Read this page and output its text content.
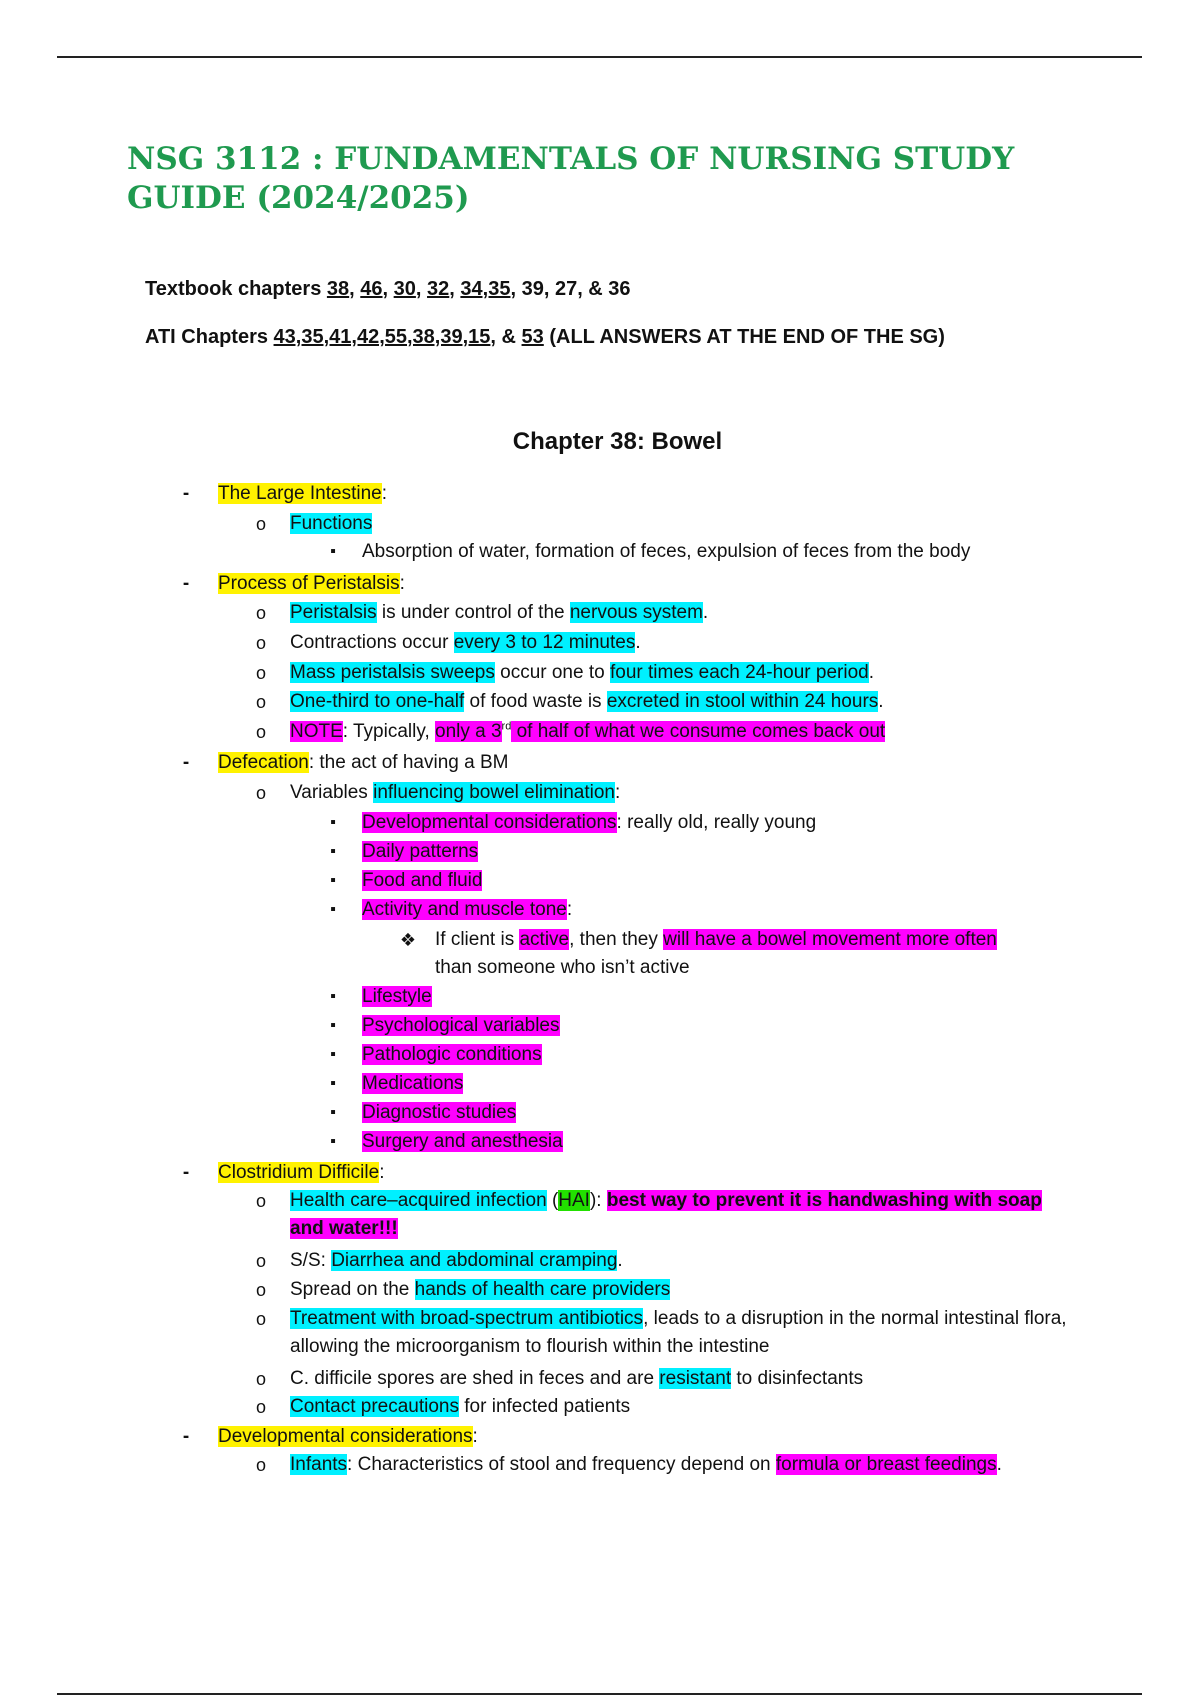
NSG 3112 : FUNDAMENTALS OF NURSING STUDY GUIDE (2024/2025)
Textbook chapters 38, 46, 30, 32, 34,35, 39, 27, & 36
ATI Chapters 43,35,41,42,55,38,39,15, & 53 (ALL ANSWERS AT THE END OF THE SG)
Chapter 38: Bowel
-	The Large Intestine:
o Functions
▪	Absorption of water, formation of feces, expulsion of feces from the body
-	Process of Peristalsis:
o Peristalsis is under control of the nervous system.
o Contractions occur every 3 to 12 minutes.
o Mass peristalsis sweeps occur one to four times each 24-hour period.
o One-third to one-half of food waste is excreted in stool within 24 hours.
o NOTE: Typically, only a 3rd of half of what we consume comes back out
-	Defecation: the act of having a BM
o Variables influencing bowel elimination:
▪	Developmental considerations: really old, really young
▪	Daily patterns
▪	Food and fluid
▪	Activity and muscle tone:
❖ If client is active, then they will have a bowel movement more often
than someone who isn’t active
▪	Lifestyle
▪	Psychological variables
▪	Pathologic conditions
▪	Medications
▪	Diagnostic studies
▪	Surgery and anesthesia
-	Clostridium Difficile:
o Health care–acquired infection (HAI): best way to prevent it is handwashing with soap and water!!!
o S/S: Diarrhea and abdominal cramping.
o Spread on the hands of health care providers
o Treatment with broad-spectrum antibiotics, leads to a disruption in the normal intestinal flora, allowing the microorganism to flourish within the intestine
o C. difficile spores are shed in feces and are resistant to disinfectants
o Contact precautions for infected patients
-	Developmental considerations:
o Infants: Characteristics of stool and frequency depend on formula or breast feedings.
